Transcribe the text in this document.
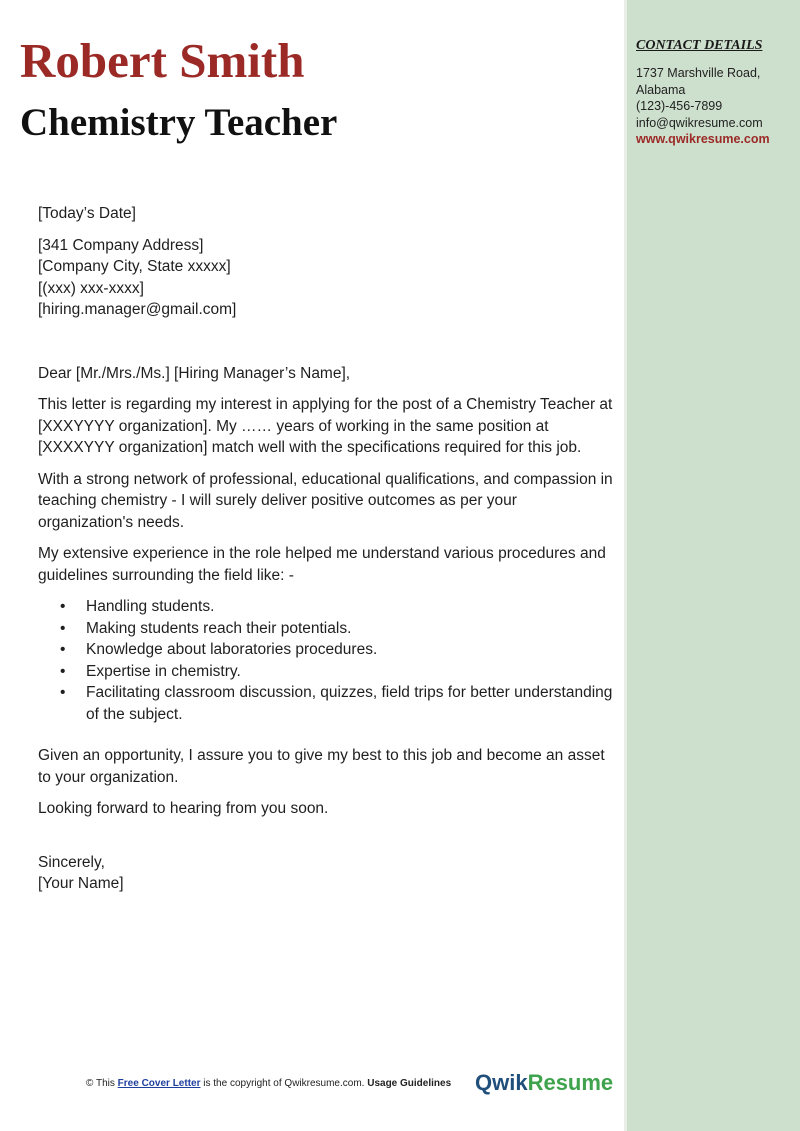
CONTACT DETAILS
1737 Marshville Road,
Alabama
(123)-456-7899
info@qwikresume.com
www.qwikresume.com
Robert Smith
Chemistry Teacher

[Today’s Date]

[341 Company Address]
[Company City, State xxxxx]
[(xxx) xxx-xxxx]
[hiring.manager@gmail.com]

Dear [Mr./Mrs./Ms.] [Hiring Manager’s Name],

This letter is regarding my interest in applying for the post of a Chemistry Teacher at [XXXYYYY organization]. My …… years of working in the same position at [XXXXYYY organization] match well with the specifications required for this job.

With a strong network of professional, educational qualifications, and compassion in teaching chemistry - I will surely deliver positive outcomes as per your organization's needs.

My extensive experience in the role helped me understand various procedures and guidelines surrounding the field like: -

• Handling students.
• Making students reach their potentials.
• Knowledge about laboratories procedures.
• Expertise in chemistry.
• Facilitating classroom discussion, quizzes, field trips for better understanding of the subject.

Given an opportunity, I assure you to give my best to this job and become an asset to your organization.

Looking forward to hearing from you soon.

Sincerely,
[Your Name]
© This Free Cover Letter is the copyright of Qwikresume.com. Usage Guidelines QwikResume
